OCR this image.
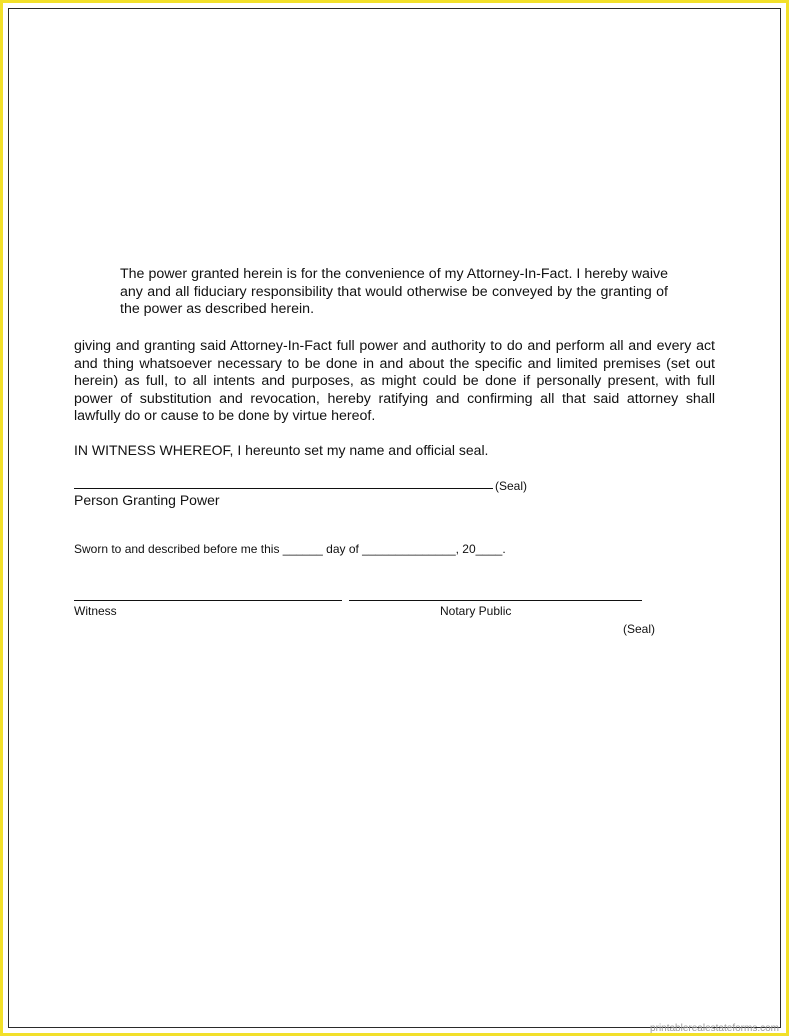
The power granted herein is for the convenience of my Attorney-In-Fact. I hereby waive any and all fiduciary responsibility that would otherwise be conveyed by the granting of the power as described herein.
giving and granting said Attorney-In-Fact full power and authority to do and perform all and every act and thing whatsoever necessary to be done in and about the specific and limited premises (set out herein) as full, to all intents and purposes, as might could be done if personally present, with full power of substitution and revocation, hereby ratifying and confirming all that said attorney shall lawfully do or cause to be done by virtue hereof.
IN WITNESS WHEREOF, I hereunto set my name and official seal.
(Seal)
Person Granting Power
Sworn to and described before me this ______ day of ______________, 20____.
Witness	Notary Public
(Seal)
printablerealestateforms.com
